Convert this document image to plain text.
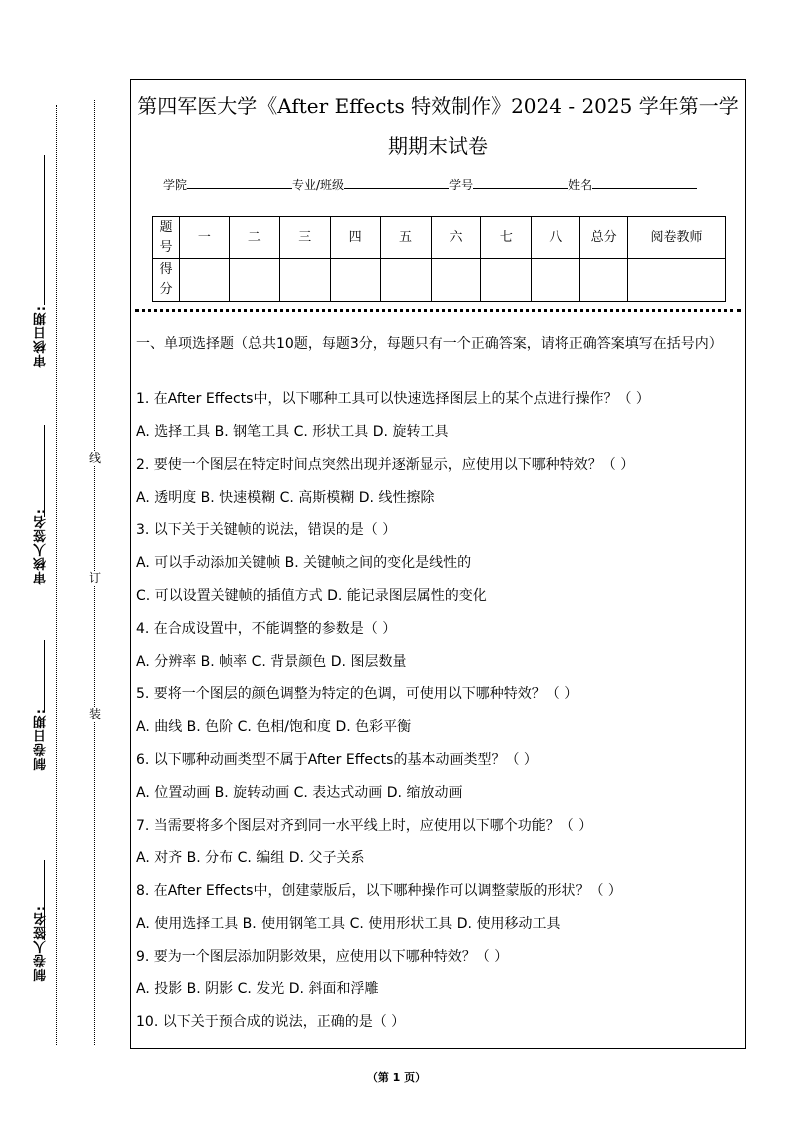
审核日期:
审核人签名:
制卷日期:
制卷人签名:
线
订
装
第四军医大学《After Effects 特效制作》2024 - 2025 学年第一学
期期末试卷
学院	专业/班级	学号	姓名
题号	一	二	三	四	五	六	七	八	总分	阅卷教师
得分										
一、单项选择题（总共10题，每题3分，每题只有一个正确答案，请将正确答案填写在括号内）
1. 在After Effects中，以下哪种工具可以快速选择图层上的某个点进行操作？（ ）
A. 选择工具 B. 钢笔工具 C. 形状工具 D. 旋转工具
2. 要使一个图层在特定时间点突然出现并逐渐显示，应使用以下哪种特效？（ ）
A. 透明度 B. 快速模糊 C. 高斯模糊 D. 线性擦除
3. 以下关于关键帧的说法，错误的是（ ）
A. 可以手动添加关键帧 B. 关键帧之间的变化是线性的
C. 可以设置关键帧的插值方式 D. 能记录图层属性的变化
4. 在合成设置中，不能调整的参数是（ ）
A. 分辨率 B. 帧率 C. 背景颜色 D. 图层数量
5. 要将一个图层的颜色调整为特定的色调，可使用以下哪种特效？（ ）
A. 曲线 B. 色阶 C. 色相/饱和度 D. 色彩平衡
6. 以下哪种动画类型不属于After Effects的基本动画类型？（ ）
A. 位置动画 B. 旋转动画 C. 表达式动画 D. 缩放动画
7. 当需要将多个图层对齐到同一水平线上时，应使用以下哪个功能？（ ）
A. 对齐 B. 分布 C. 编组 D. 父子关系
8. 在After Effects中，创建蒙版后，以下哪种操作可以调整蒙版的形状？（ ）
A. 使用选择工具 B. 使用钢笔工具 C. 使用形状工具 D. 使用移动工具
9. 要为一个图层添加阴影效果，应使用以下哪种特效？（ ）
A. 投影 B. 阴影 C. 发光 D. 斜面和浮雕
10. 以下关于预合成的说法，正确的是（ ）
（第 1 页）
